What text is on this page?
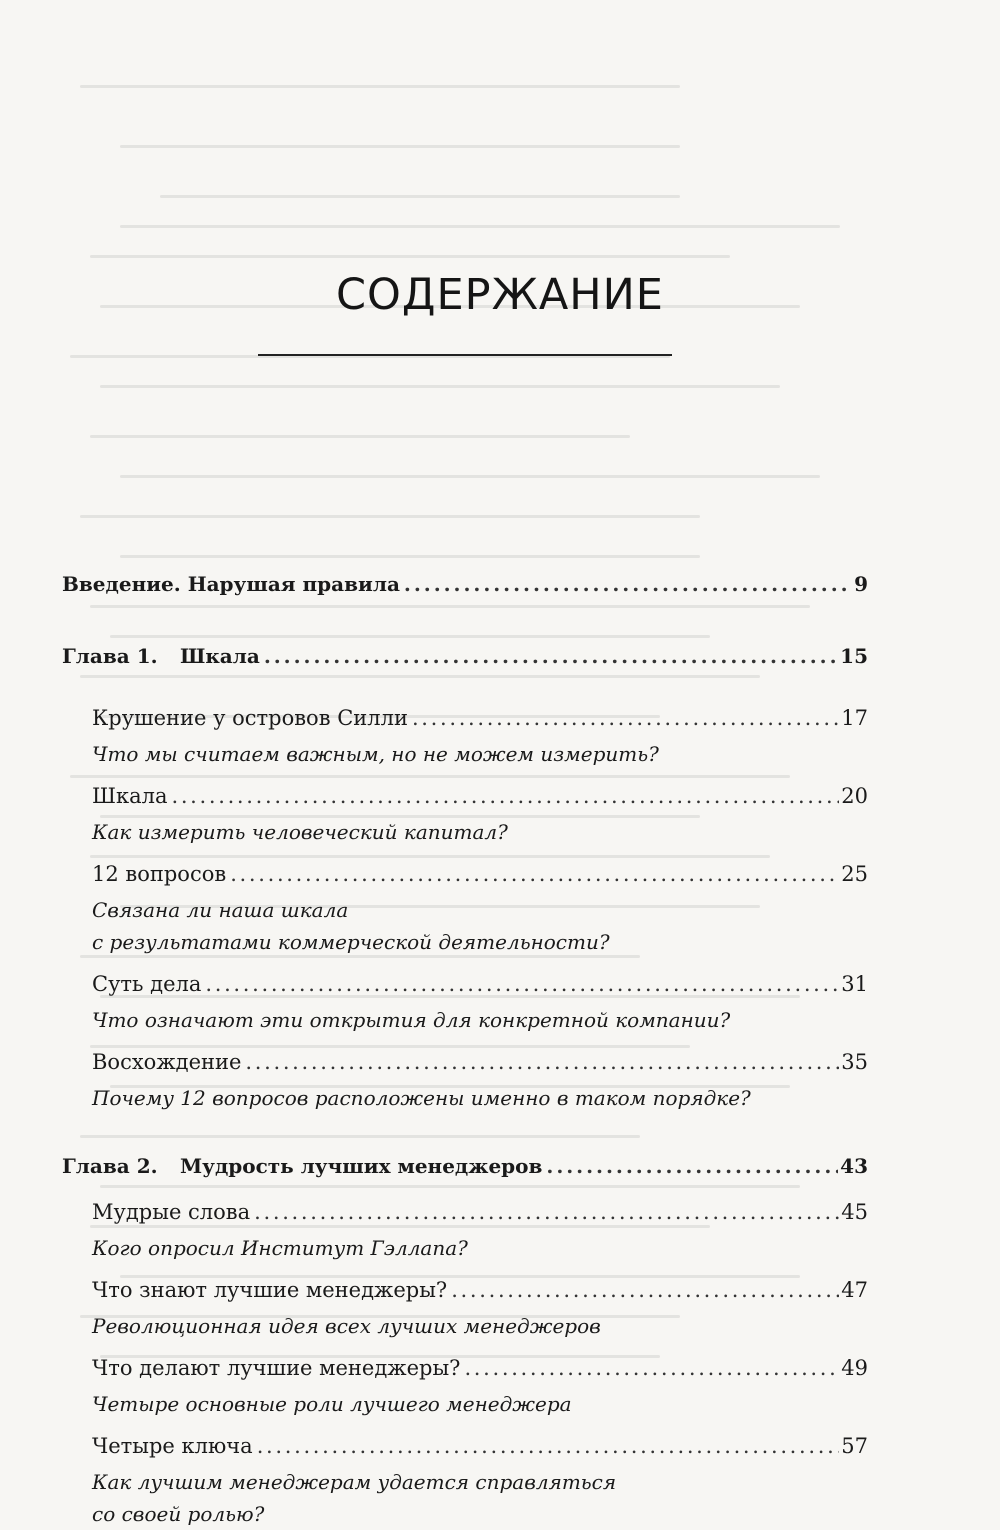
СОДЕРЖАНИЕ
Введение. Нарушая правила . . .	9
Глава 1. Шкала . . .	15
Крушение у островов Силли . . .	17
Что мы считаем важным, но не можем измерить?
Шкала . . .	20
Как измерить человеческий капитал?
12 вопросов . . .	25
Связана ли наша шкала
с результатами коммерческой деятельности?
Суть дела . . .	31
Что означают эти открытия для конкретной компании?
Восхождение . . .	35
Почему 12 вопросов расположены именно в таком порядке?
Глава 2. Мудрость лучших менеджеров . . .	43
Мудрые слова . . .	45
Кого опросил Институт Гэллапа?
Что знают лучшие менеджеры? . . .	47
Революционная идея всех лучших менеджеров
Что делают лучшие менеджеры? . . .	49
Четыре основные роли лучшего менеджера
Четыре ключа . . .	57
Как лучшим менеджерам удается справляться
со своей ролью?
